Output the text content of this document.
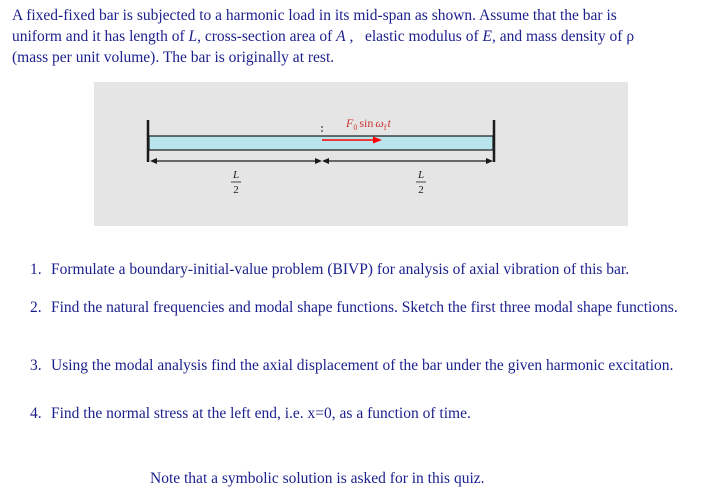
A fixed-fixed bar is subjected to a harmonic load in its mid-span as shown. Assume that the bar is
uniform and it has length of L, cross-section area of A ,   elastic modulus of E, and mass density of ρ
(mass per unit volume). The bar is originally at rest.
$F_0$ $\sin \omega_ft$
L
2
L
2
1. Formulate a boundary-initial-value problem (BIVP) for analysis of axial vibration of this bar.
2. Find the natural frequencies and modal shape functions. Sketch the first three modal shape functions.
3. Using the modal analysis find the axial displacement of the bar under the given harmonic excitation.
4. Find the normal stress at the left end, i.e. x=0, as a function of time.
Note that a symbolic solution is asked for in this quiz.
